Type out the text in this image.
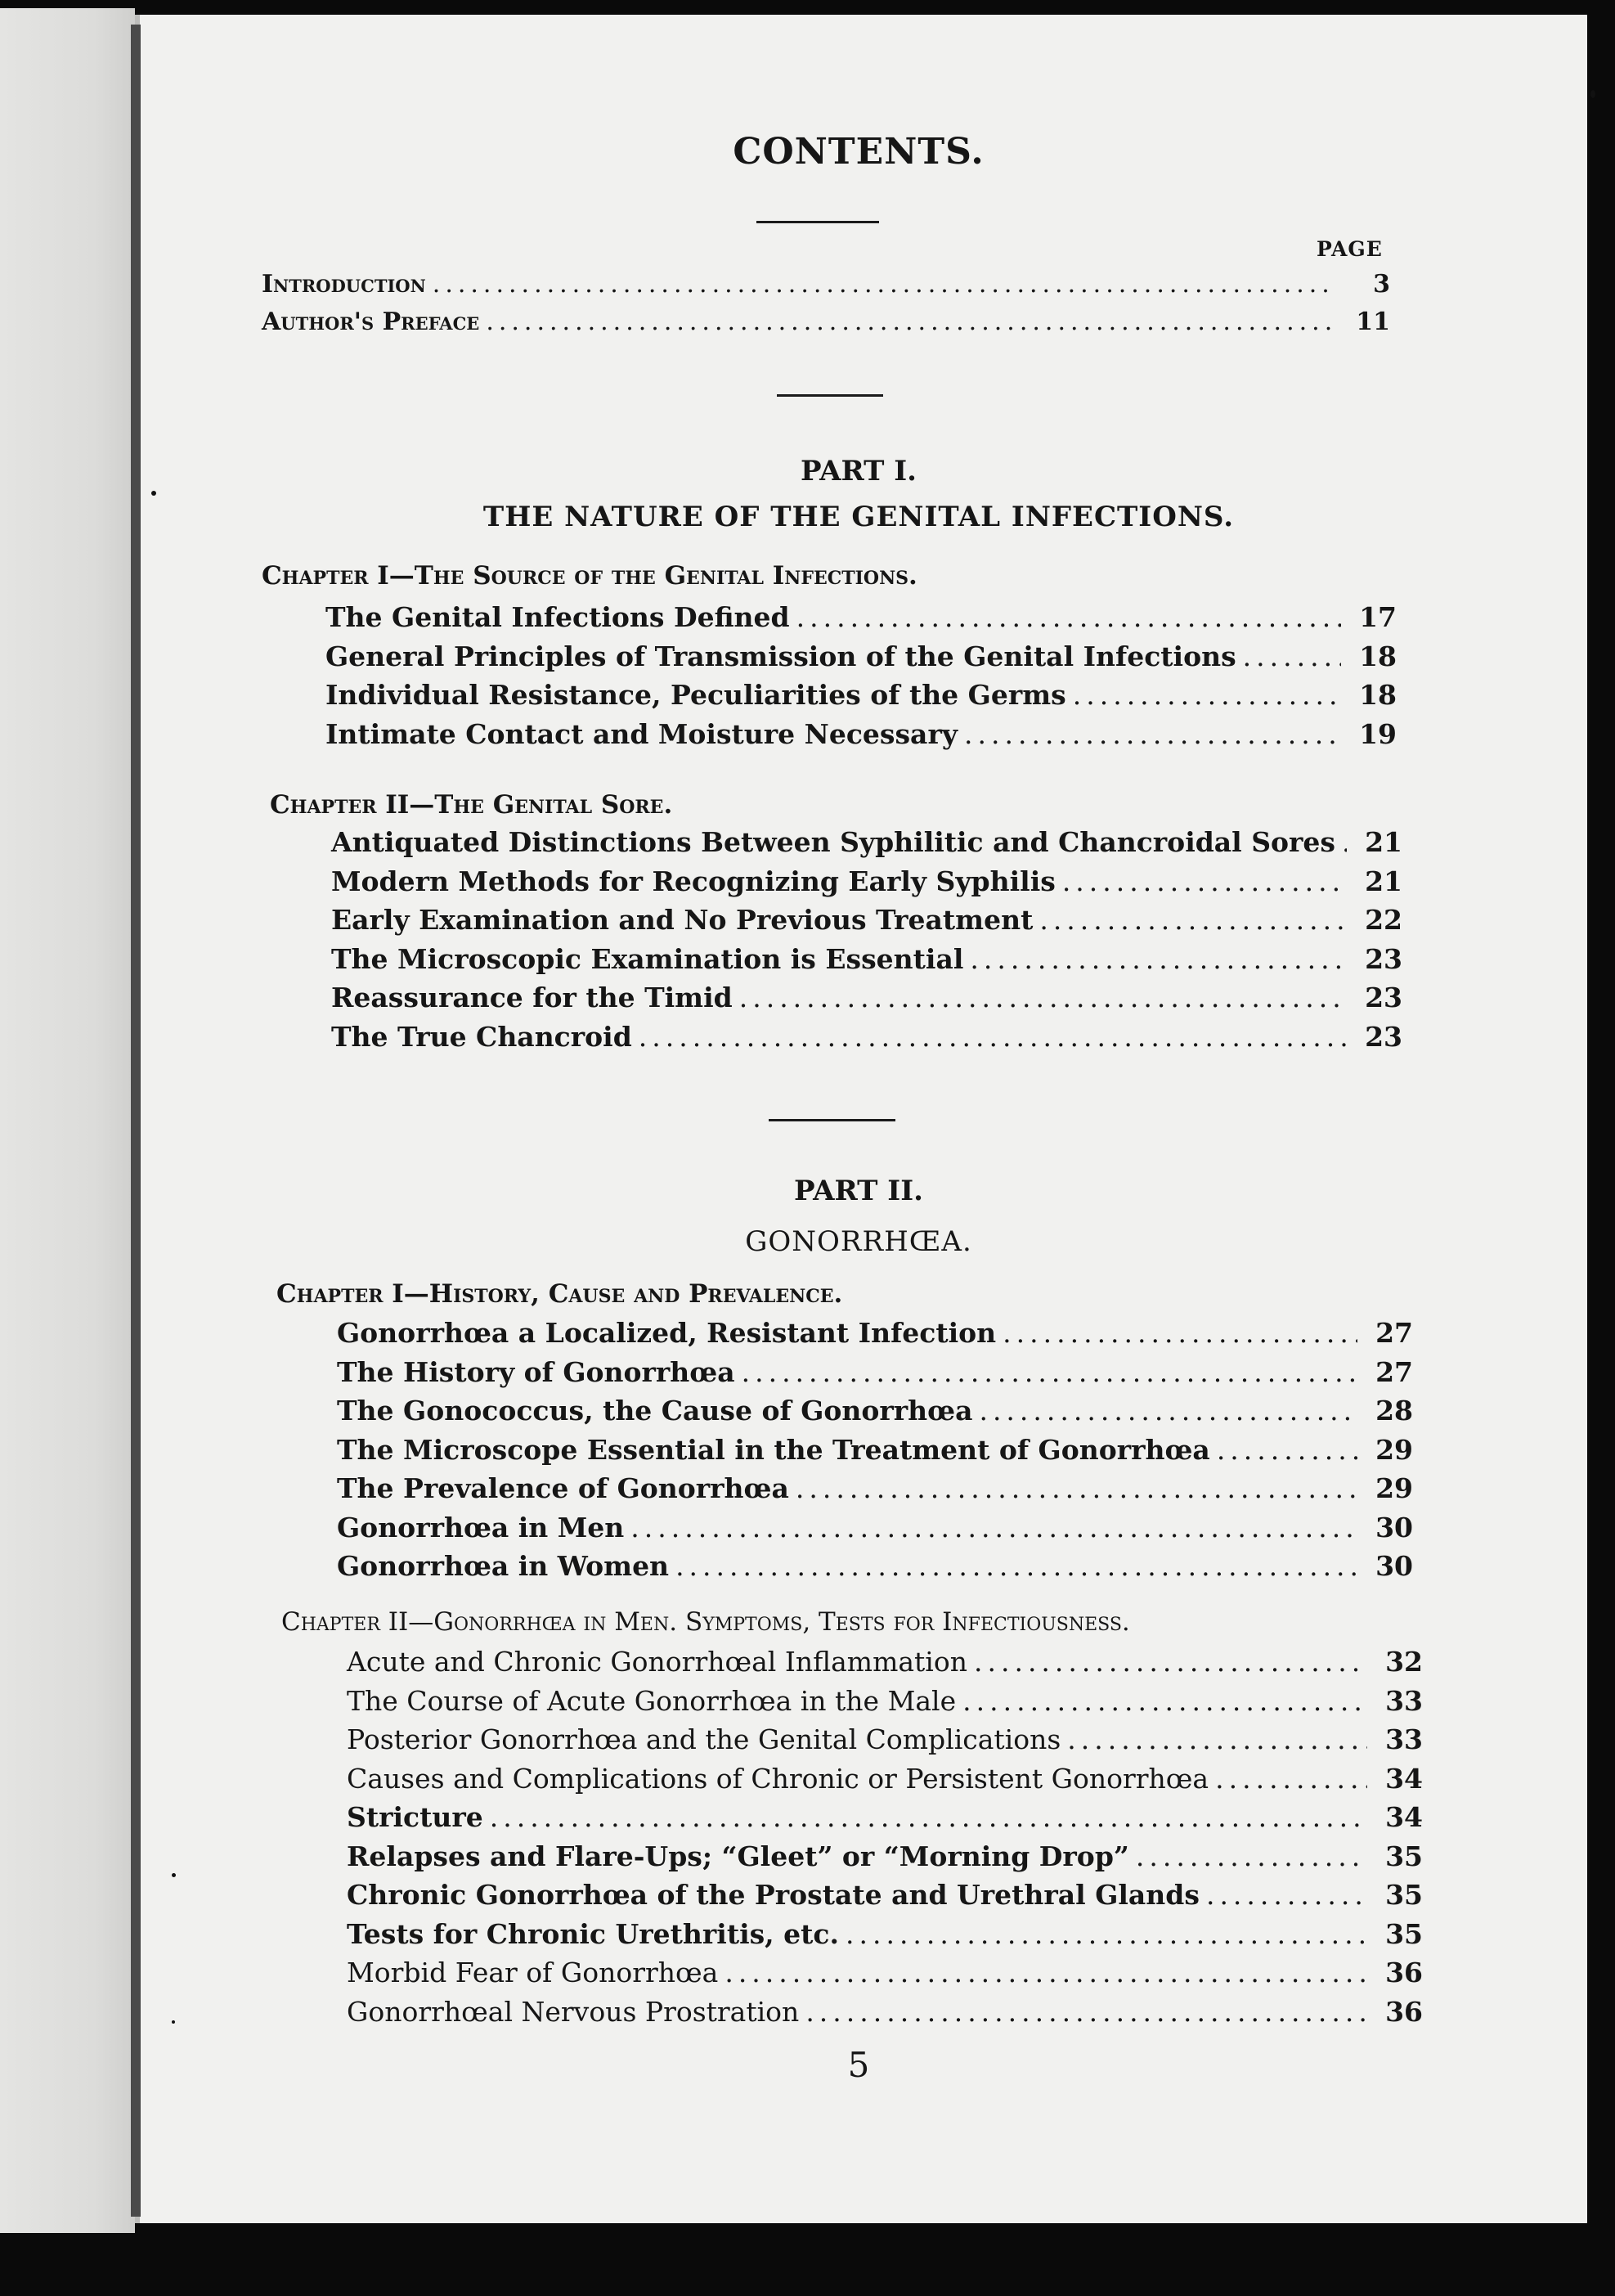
CONTENTS.
PAGE
Introduction .....	3
Author's Preface .....	11
PART I.
THE NATURE OF THE GENITAL INFECTIONS.
Chapter I—The Source of the Genital Infections.
The Genital Infections Defined .....	17
General Principles of Transmission of the Genital Infections .....	18
Individual Resistance, Peculiarities of the Germs .....	18
Intimate Contact and Moisture Necessary .....	19
Chapter II—The Genital Sore.
Antiquated Distinctions Between Syphilitic and Chancroidal Sores .....	21
Modern Methods for Recognizing Early Syphilis .....	21
Early Examination and No Previous Treatment .....	22
The Microscopic Examination is Essential .....	23
Reassurance for the Timid .....	23
The True Chancroid .....	23
PART II.
GONORRHŒA.
Chapter I—History, Cause and Prevalence.
Gonorrhœa a Localized, Resistant Infection .....	27
The History of Gonorrhœa .....	27
The Gonococcus, the Cause of Gonorrhœa .....	28
The Microscope Essential in the Treatment of Gonorrhœa .....	29
The Prevalence of Gonorrhœa .....	29
Gonorrhœa in Men .....	30
Gonorrhœa in Women .....	30
Chapter II—Gonorrhœa in Men. Symptoms, Tests for Infectiousness.
Acute and Chronic Gonorrhœal Inflammation .....	32
The Course of Acute Gonorrhœa in the Male .....	33
Posterior Gonorrhœa and the Genital Complications .....	33
Causes and Complications of Chronic or Persistent Gonorrhœa .....	34
Stricture .....	34
Relapses and Flare-Ups; “Gleet” or “Morning Drop” .....	35
Chronic Gonorrhœa of the Prostate and Urethral Glands .....	35
Tests for Chronic Urethritis, etc. .....	35
Morbid Fear of Gonorrhœa .....	36
Gonorrhœal Nervous Prostration .....	36
5
